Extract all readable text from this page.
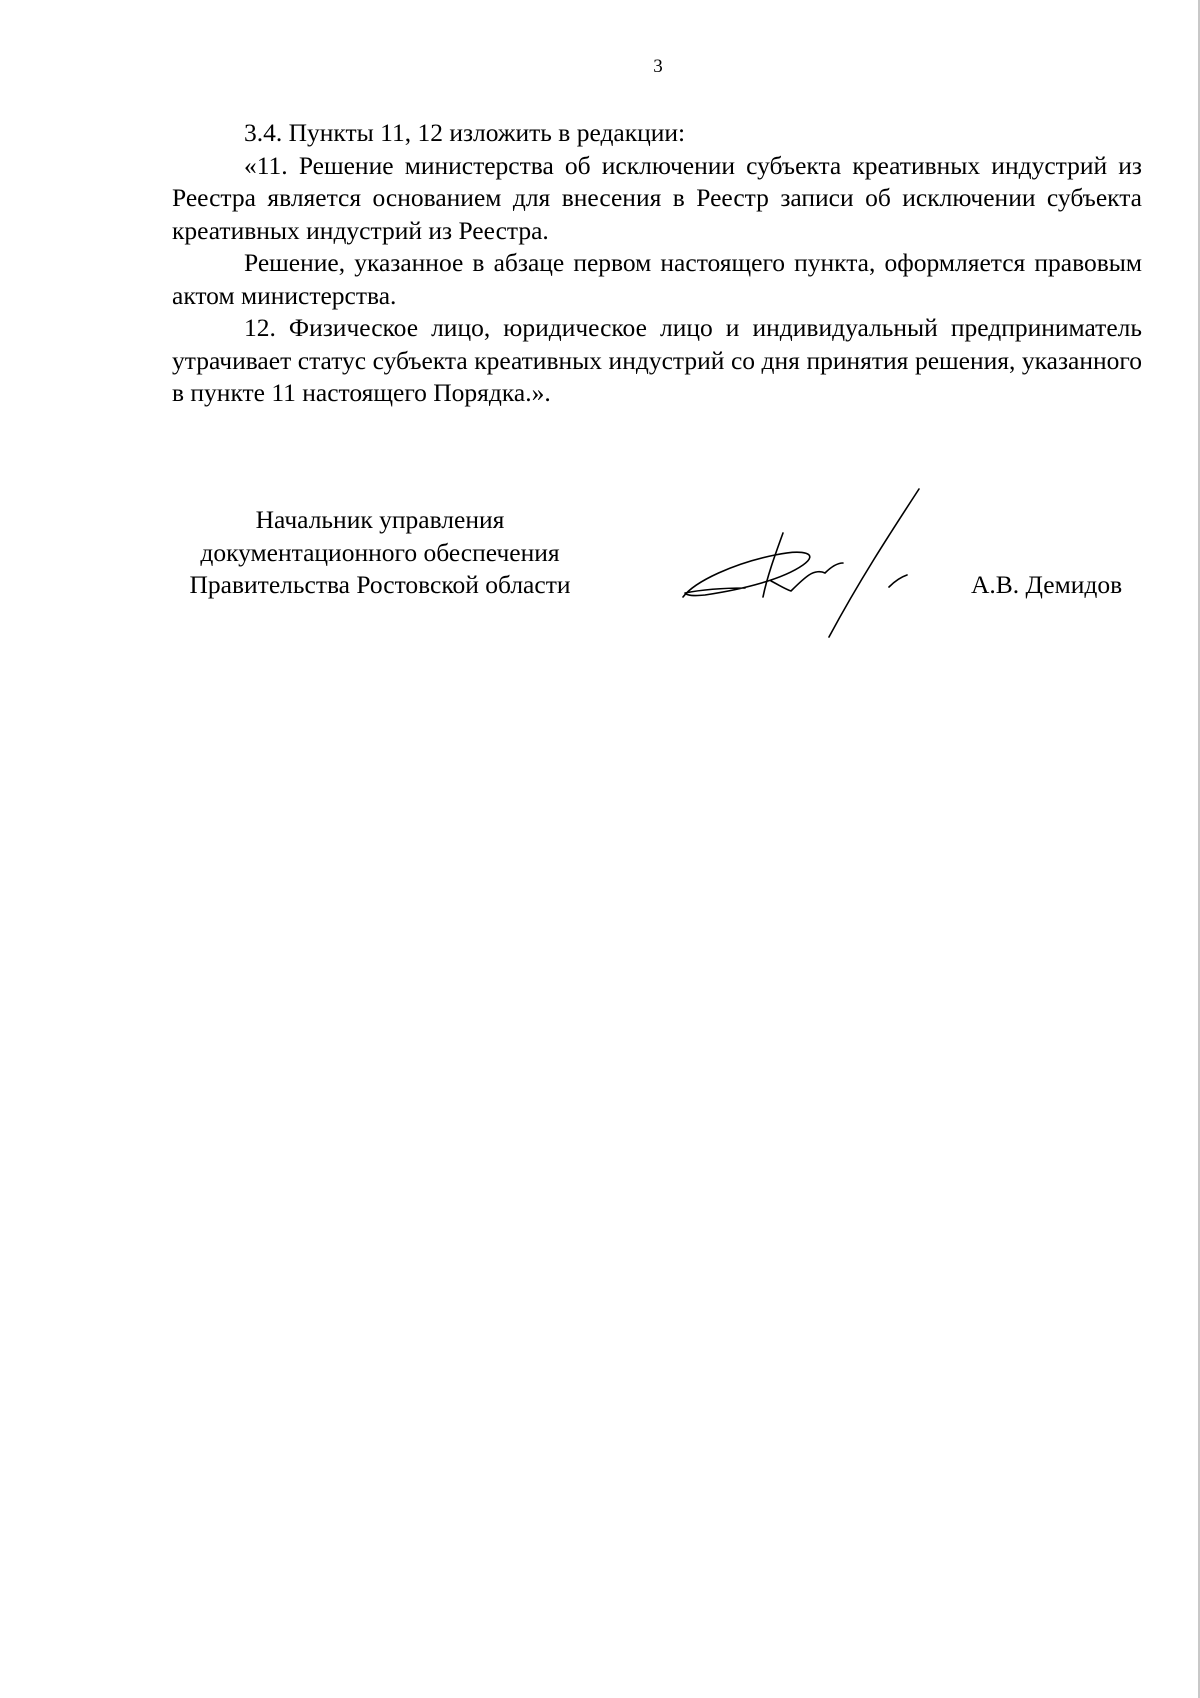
3

3.4. Пункты 11, 12 изложить в редакции:

«11. Решение министерства об исключении субъекта креативных индустрий из Реестра является основанием для внесения в Реестр записи об исключении субъекта креативных индустрий из Реестра.

Решение, указанное в абзаце первом настоящего пункта, оформляется правовым актом министерства.

12. Физическое лицо, юридическое лицо и индивидуальный предприниматель утрачивает статус субъекта креативных индустрий со дня принятия решения, указанного в пункте 11 настоящего Порядка.».

Начальник управления
документационного обеспечения
Правительства Ростовской области	А.В. Демидов
